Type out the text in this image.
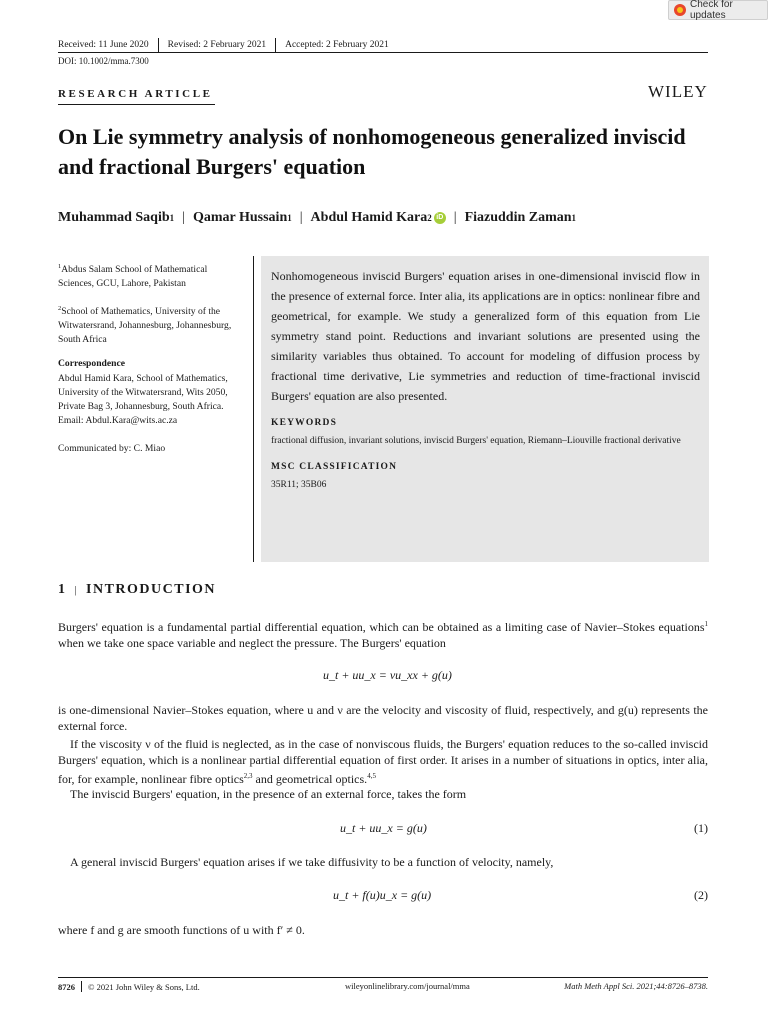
Check for updates
Received: 11 June 2020 Revised: 2 February 2021 Accepted: 2 February 2021
DOI: 10.1002/mma.7300
RESEARCH ARTICLE	WILEY
On Lie symmetry analysis of nonhomogeneous generalized inviscid and fractional Burgers' equation
Muhammad Saqib 1 | Qamar Hussain 1 | Abdul Hamid Kara 2 iD | Fiazuddin Zaman 1

$^1$Abdus Salam School of Mathematical Sciences, GCU, Lahore, Pakistan

$^2$School of Mathematics, University of the Witwatersrand, Johannesburg, Johannesburg, South Africa

Correspondence
Abdul Hamid Kara, School of Mathematics, University of the Witwatersrand, Wits 2050, Private Bag 3, Johannesburg, South Africa.
Email: Abdul.Kara@wits.ac.za

Communicated by: C. Miao

Nonhomogeneous inviscid Burgers' equation arises in one-dimensional inviscid flow in the presence of external force. Inter alia, its applications are in optics: nonlinear fibre and geometrical, for example. We study a generalized form of this equation from Lie symmetry stand point. Reductions and invariant solutions are presented using the similarity variables thus obtained. To account for modeling of diffusion process by fractional time derivative, Lie symmetries and reduction of time-fractional inviscid Burgers' equation are also presented.
KEYWORDS
fractional diffusion, invariant solutions, inviscid Burgers' equation, Riemann–Liouville fractional derivative
MSC CLASSIFICATION
35R11; 35B06
1 | INTRODUCTION
Burgers' equation is a fundamental partial differential equation, which can be obtained as a limiting case of Navier–Stokes equations$^1$ when we take one space variable and neglect the pressure. The Burgers' equation
u_t + uu_x = νu_xx + g(u)
is one-dimensional Navier–Stokes equation, where u and ν are the velocity and viscosity of fluid, respectively, and g(u) represents the external force.
If the viscosity ν of the fluid is neglected, as in the case of nonviscous fluids, the Burgers' equation reduces to the so-called inviscid Burgers' equation, which is a nonlinear partial differential equation of first order. It arises in a number of situations in optics, inter alia, for, for example, nonlinear fibre optics$^{2,3}$ and geometrical optics.$^{4,5}$
The inviscid Burgers' equation, in the presence of an external force, takes the form
u_t + uu_x = g(u)	(1)
A general inviscid Burgers' equation arises if we take diffusivity to be a function of velocity, namely,
u_t + f(u)u_x = g(u)	(2)
where f and g are smooth functions of u with f′ ≠ 0.
8726 © 2021 John Wiley & Sons, Ltd.	wileyonlinelibrary.com/journal/mma	Math Meth Appl Sci. 2021;44:8726–8738.
